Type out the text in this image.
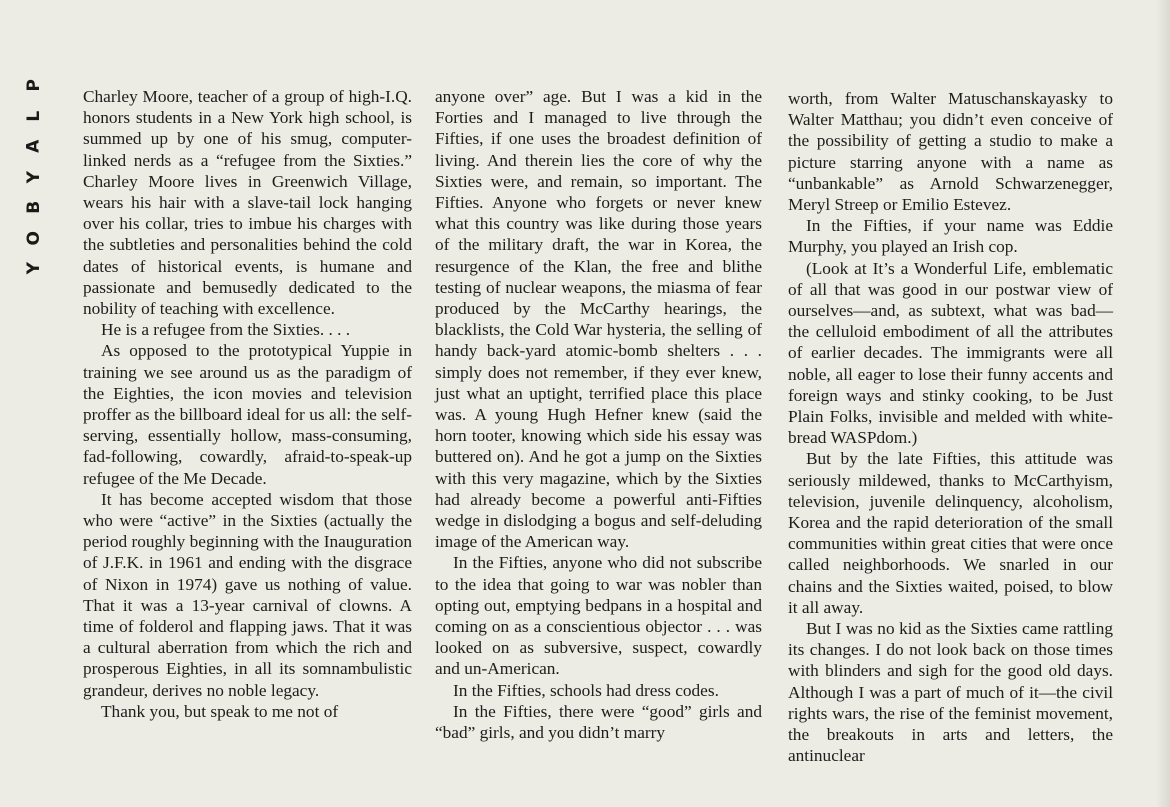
P
L
A
Y
B
O
Y

Charley Moore, teacher of a group of high-I.Q. honors students in a New York high school, is summed up by one of his smug, computer-linked nerds as a “refugee from the Sixties.” Charley Moore lives in Greenwich Village, wears his hair with a slave-tail lock hanging over his collar, tries to imbue his charges with the subtleties and personalities behind the cold dates of historical events, is humane and passionate and bemusedly dedicated to the nobility of teaching with excellence.

He is a refugee from the Sixties. . . .

As opposed to the prototypical Yuppie in training we see around us as the paradigm of the Eighties, the icon movies and television proffer as the billboard ideal for us all: the self-serving, essentially hollow, mass-consuming, fad-following, cowardly, afraid-to-speak-up refugee of the Me Decade.

It has become accepted wisdom that those who were “active” in the Sixties (actually the period roughly beginning with the Inauguration of J.F.K. in 1961 and ending with the disgrace of Nixon in 1974) gave us nothing of value. That it was a 13-year carnival of clowns. A time of folderol and flapping jaws. That it was a cultural aberration from which the rich and prosperous Eighties, in all its somnambulistic grandeur, derives no noble legacy.

Thank you, but speak to me not of

anyone over” age. But I was a kid in the Forties and I managed to live through the Fifties, if one uses the broadest definition of living. And therein lies the core of why the Sixties were, and remain, so important. The Fifties. Anyone who forgets or never knew what this country was like during those years of the military draft, the war in Korea, the resurgence of the Klan, the free and blithe testing of nuclear weapons, the miasma of fear produced by the McCarthy hearings, the blacklists, the Cold War hysteria, the selling of handy back-yard atomic-bomb shelters . . . simply does not remember, if they ever knew, just what an uptight, terrified place this place was. A young Hugh Hefner knew (said the horn tooter, knowing which side his essay was buttered on). And he got a jump on the Sixties with this very magazine, which by the Sixties had already become a powerful anti-Fifties wedge in dislodging a bogus and self-deluding image of the American way.

In the Fifties, anyone who did not subscribe to the idea that going to war was nobler than opting out, emptying bedpans in a hospital and coming on as a conscientious objector . . . was looked on as subversive, suspect, cowardly and un-American.

In the Fifties, schools had dress codes.

In the Fifties, there were “good” girls and “bad” girls, and you didn’t marry

worth, from Walter Matuschanskayasky to Walter Matthau; you didn’t even conceive of the possibility of getting a studio to make a picture starring anyone with a name as “unbankable” as Arnold Schwarzenegger, Meryl Streep or Emilio Estevez.

In the Fifties, if your name was Eddie Murphy, you played an Irish cop.

(Look at It’s a Wonderful Life, emblematic of all that was good in our postwar view of ourselves—and, as subtext, what was bad—the celluloid embodiment of all the attributes of earlier decades. The immigrants were all noble, all eager to lose their funny accents and foreign ways and stinky cooking, to be Just Plain Folks, invisible and melded with white-bread WASPdom.)

But by the late Fifties, this attitude was seriously mildewed, thanks to McCarthyism, television, juvenile delinquency, alcoholism, Korea and the rapid deterioration of the small communities within great cities that were once called neighborhoods. We snarled in our chains and the Sixties waited, poised, to blow it all away.

But I was no kid as the Sixties came rattling its changes. I do not look back on those times with blinders and sigh for the good old days. Although I was a part of much of it—the civil rights wars, the rise of the feminist movement, the breakouts in arts and letters, the antinuclear
